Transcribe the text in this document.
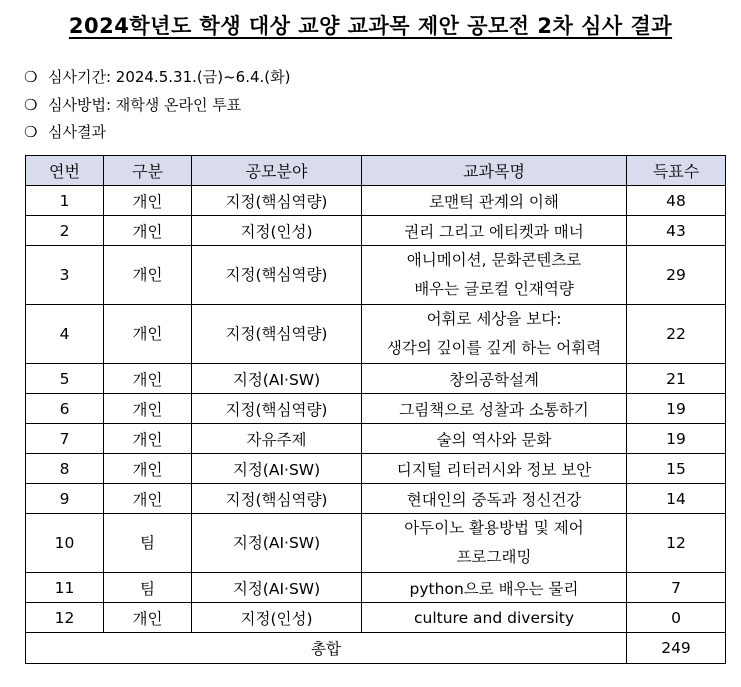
2024학년도 학생 대상 교양 교과목 제안 공모전 2차 심사 결과
❍ 심사기간: 2024.5.31.(금)~6.4.(화)
❍ 심사방법: 재학생 온라인 투표
❍ 심사결과
연번	구분	공모분야	교과목명	득표수
1	개인	지정(핵심역량)	로맨틱 관계의 이해	48
2	개인	지정(인성)	권리 그리고 에티켓과 매너	43
3	개인	지정(핵심역량)	애니메이션, 문화콘텐츠로
배우는 글로컬 인재역량	29
4	개인	지정(핵심역량)	어휘로 세상을 보다:
생각의 깊이를 깊게 하는 어휘력	22
5	개인	지정(AI·SW)	창의공학설계	21
6	개인	지정(핵심역량)	그림책으로 성찰과 소통하기	19
7	개인	자유주제	술의 역사와 문화	19
8	개인	지정(AI·SW)	디지털 리터러시와 정보 보안	15
9	개인	지정(핵심역량)	현대인의 중독과 정신건강	14
10	팀	지정(AI·SW)	아두이노 활용방법 및 제어
프로그래밍	12
11	팀	지정(AI·SW)	python으로 배우는 물리	7
12	개인	지정(인성)	culture and diversity	0
총합				249
